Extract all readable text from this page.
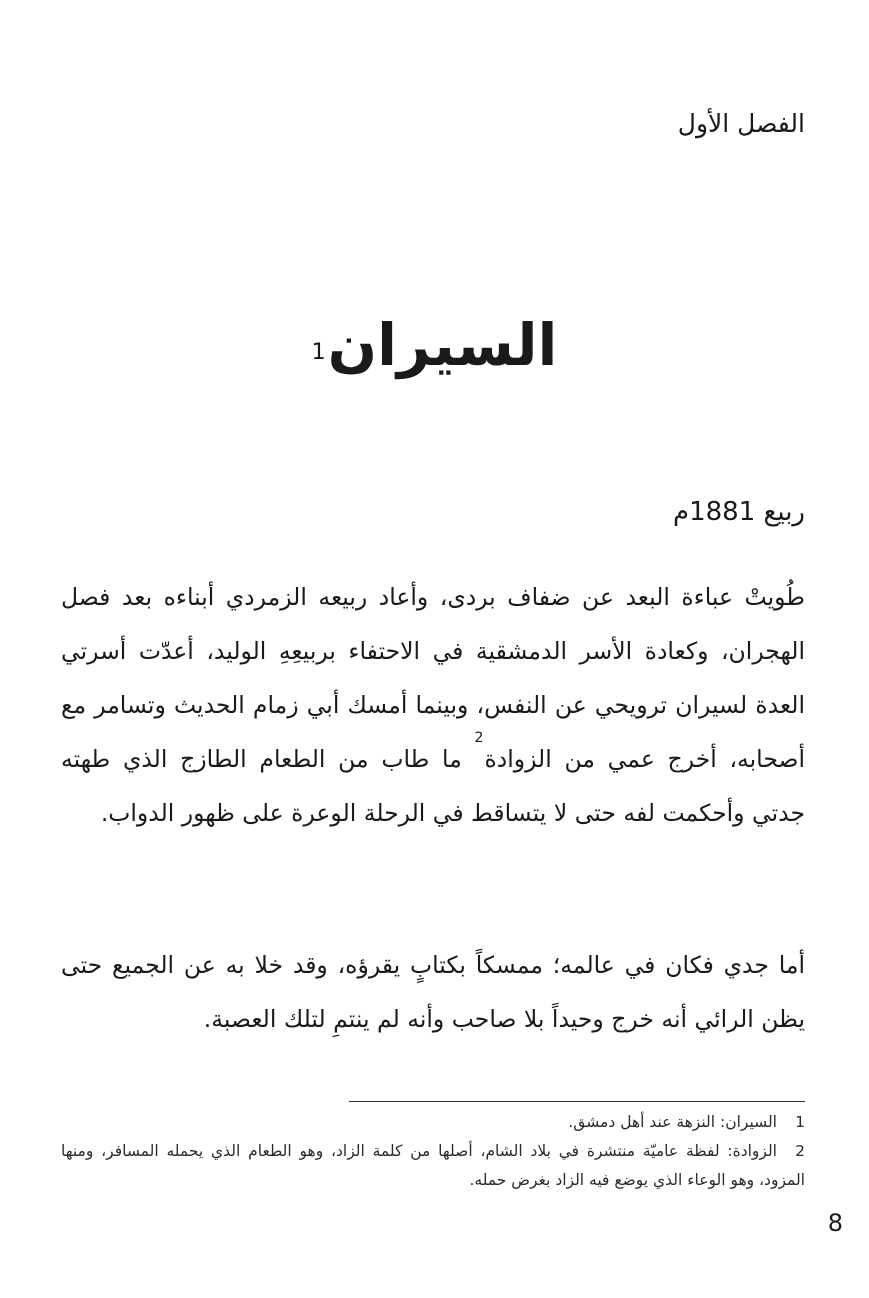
الفصل الأول
السيران$^1$
ربيع 1881م

طُويتْ عباءة البعد عن ضفاف بردى، وأعاد ربيعه الزمردي أبناءه بعد فصل الهجران، وكعادة الأسر الدمشقية في الاحتفاء بربيعِهِ الوليد، أعدّت أسرتي العدة لسيران ترويحي عن النفس، وبينما أمسك أبي زمام الحديث وتسامر مع أصحابه، أخرج عمي من الزوادة$^2$ ما طاب من الطعام الطازج الذي طهته جدتي وأحكمت لفه حتى لا يتساقط في الرحلة الوعرة على ظهور الدواب.

أما جدي فكان في عالمه؛ ممسكاً بكتابٍ يقرؤه، وقد خلا به عن الجميع حتى يظن الرائي أنه خرج وحيداً بلا صاحب وأنه لم ينتمِ لتلك العصبة.

1السيران: النزهة عند أهل دمشق.
2الزوادة: لفظة عاميّة منتشرة في بلاد الشام، أصلها من كلمة الزاد، وهو الطعام الذي يحمله المسافر، ومنها المزود، وهو الوعاء الذي يوضع فيه الزاد بغرض حمله.
8
